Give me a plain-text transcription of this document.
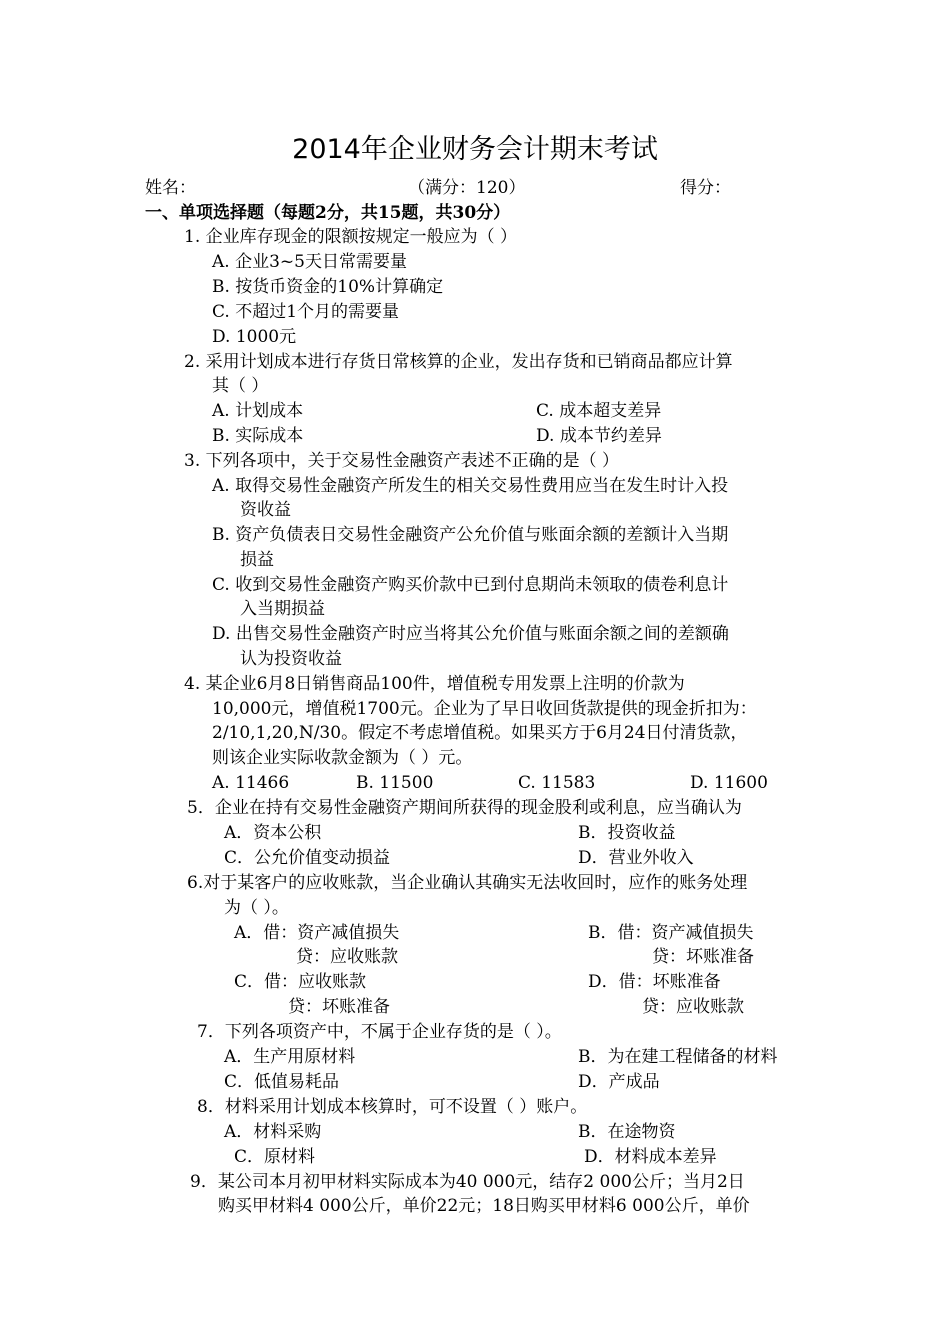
2014年企业财务会计期末考试
姓名：	（满分：120）	得分：
一、单项选择题（每题2分，共15题，共30分）
1. 企业库存现金的限额按规定一般应为（ ）
A. 企业3~5天日常需要量
B. 按货币资金的10%计算确定
C. 不超过1个月的需要量
D. 1000元
2. 采用计划成本进行存货日常核算的企业，发出存货和已销商品都应计算
其（ ）
A. 计划成本	C. 成本超支差异
B. 实际成本	D. 成本节约差异
3. 下列各项中，关于交易性金融资产表述不正确的是（ ）
A. 取得交易性金融资产所发生的相关交易性费用应当在发生时计入投
资收益
B. 资产负债表日交易性金融资产公允价值与账面余额的差额计入当期
损益
C. 收到交易性金融资产购买价款中已到付息期尚未领取的债卷利息计
入当期损益
D. 出售交易性金融资产时应当将其公允价值与账面余额之间的差额确
认为投资收益
4. 某企业6月8日销售商品100件，增值税专用发票上注明的价款为
10,000元，增值税1700元。企业为了早日收回货款提供的现金折扣为：
2/10,1,20,N/30。假定不考虑增值税。如果买方于6月24日付清货款，
则该企业实际收款金额为（ ）元。
A. 11466	B. 11500	C. 11583	D. 11600
5．企业在持有交易性金融资产期间所获得的现金股利或利息，应当确认为
A．资本公积	B．投资收益
C．公允价值变动损益	D．营业外收入
6.对于某客户的应收账款，当企业确认其确实无法收回时，应作的账务处理
为（ ）。
A．借：资产减值损失
贷：应收账款
B．借：资产减值损失
贷：坏账准备
C．借：应收账款
贷：坏账准备
D．借：坏账准备
贷：应收账款
7．下列各项资产中，不属于企业存货的是（ ）。
A．生产用原材料	B．为在建工程储备的材料
C．低值易耗品	D．产成品
8．材料采用计划成本核算时，可不设置（ ）账户。
A．材料采购	B．在途物资
C．原材料	D．材料成本差异
9．某公司本月初甲材料实际成本为40 000元，结存2 000公斤；当月2日
购买甲材料4 000公斤，单价22元；18日购买甲材料6 000公斤，单价
